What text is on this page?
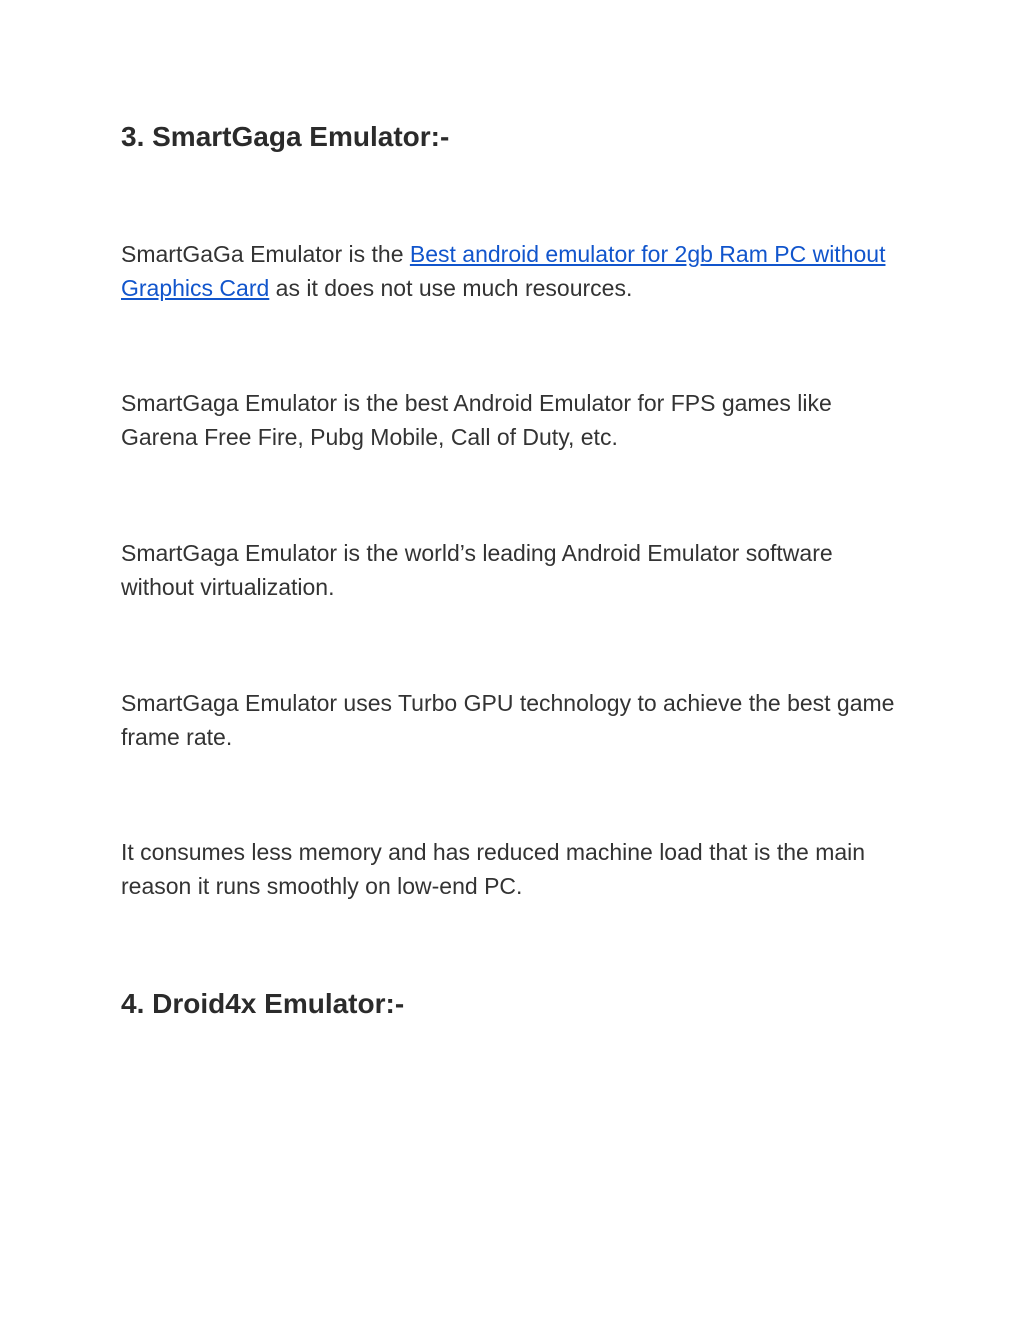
3. SmartGaga Emulator:-

SmartGaGa Emulator is the Best android emulator for 2gb Ram PC without Graphics Card as it does not use much resources.

SmartGaga Emulator is the best Android Emulator for FPS games like Garena Free Fire, Pubg Mobile, Call of Duty, etc.

SmartGaga Emulator is the world’s leading Android Emulator software without virtualization.

SmartGaga Emulator uses Turbo GPU technology to achieve the best game frame rate.

It consumes less memory and has reduced machine load that is the main reason it runs smoothly on low-end PC.

4. Droid4x Emulator:-
